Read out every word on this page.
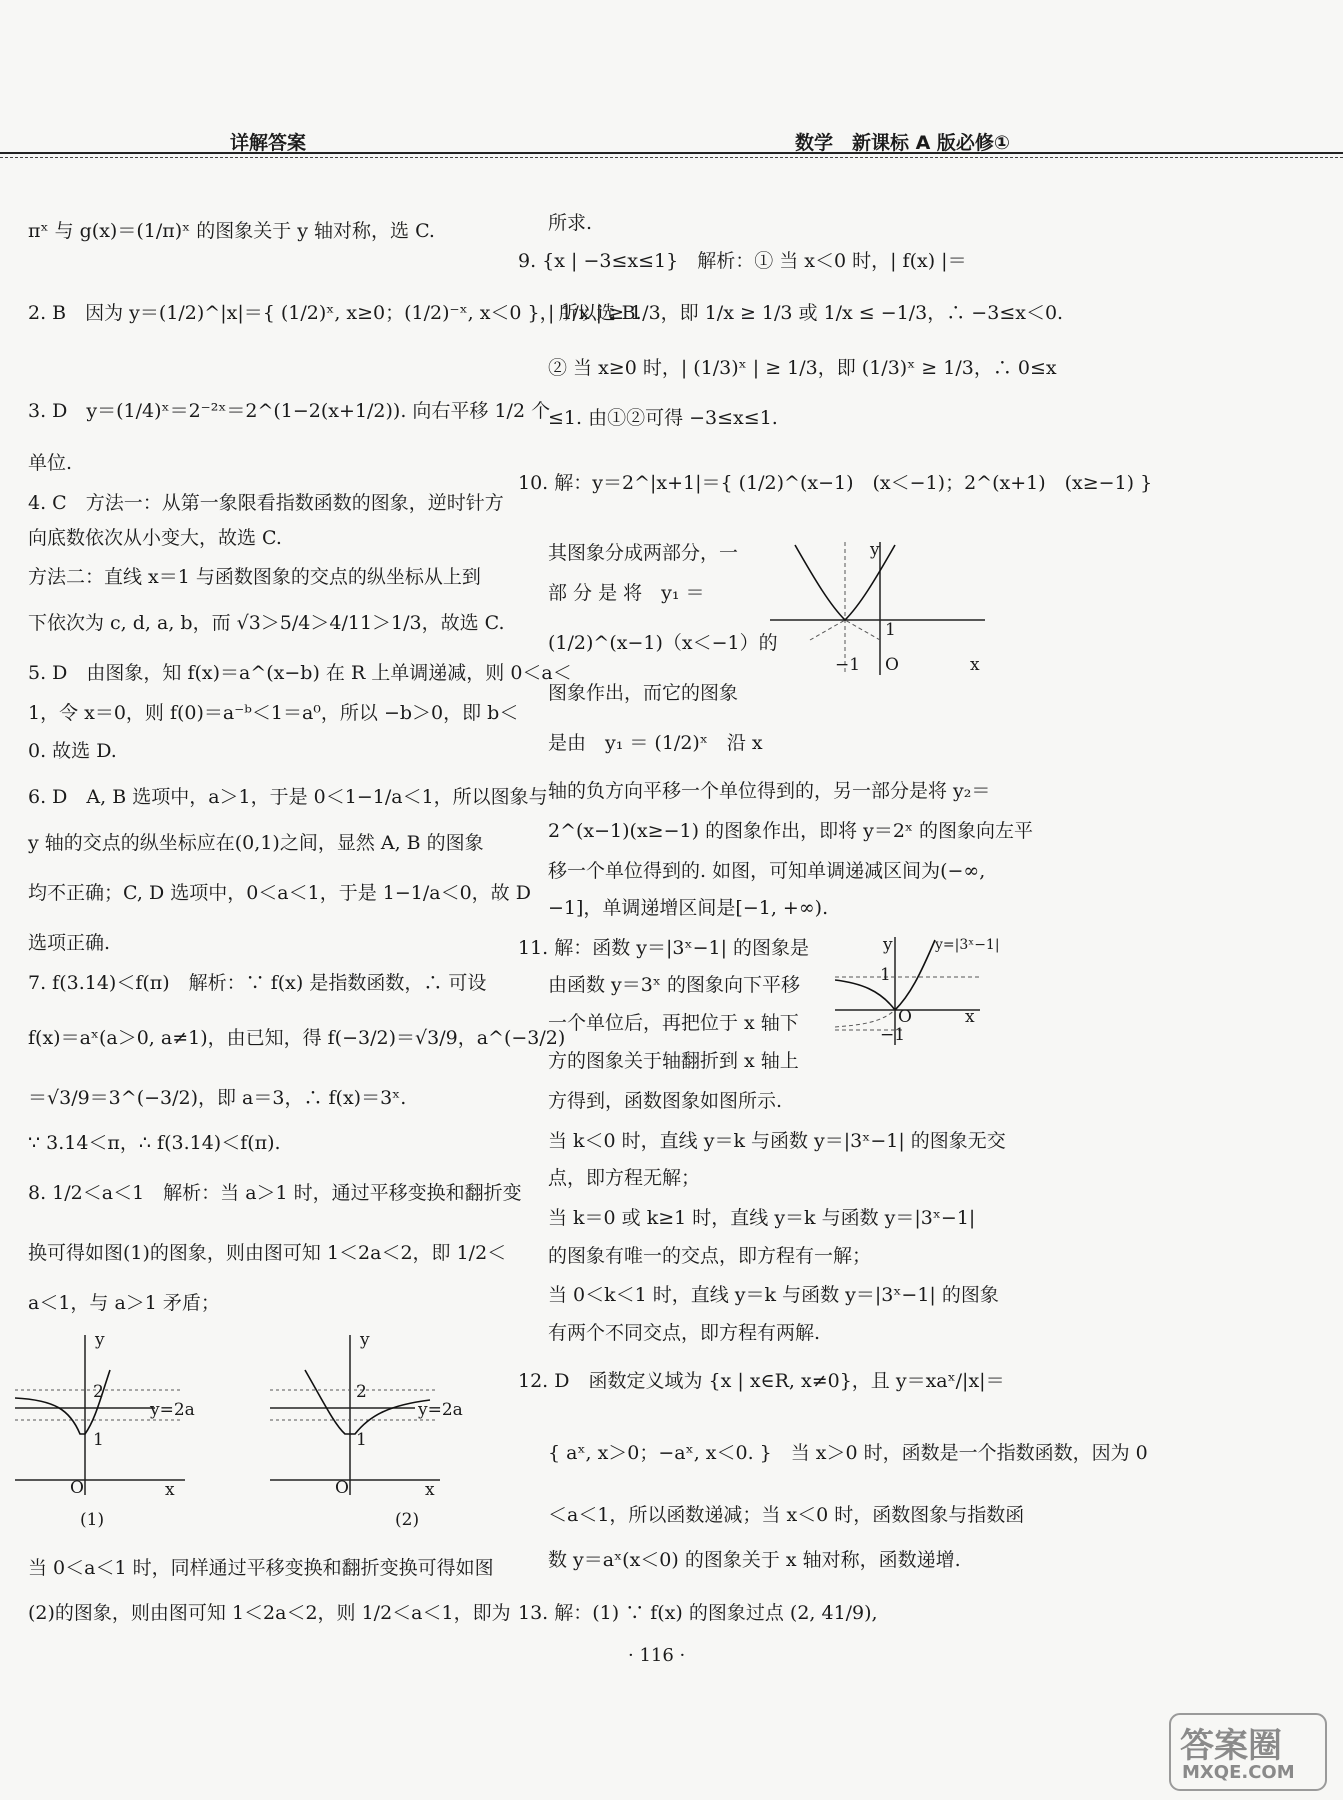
详解答案	数学　新课标 A 版必修①
πˣ 与 g(x)＝(1/π)ˣ 的图象关于 y 轴对称，选 C.
2. B　因为 y＝(1/2)^|x|＝{ (1/2)ˣ, x≥0；(1/2)⁻ˣ, x＜0 }，所以选 B.
3. D　y＝(1/4)ˣ＝2⁻²ˣ＝2^(1−2(x+1/2)). 向右平移 1/2 个
单位.
4. C　方法一：从第一象限看指数函数的图象，逆时针方
向底数依次从小变大，故选 C.
方法二：直线 x＝1 与函数图象的交点的纵坐标从上到
下依次为 c, d, a, b，而 √3＞5/4＞4/11＞1/3，故选 C.
5. D　由图象，知 f(x)＝a^(x−b) 在 R 上单调递减，则 0＜a＜
1，令 x＝0，则 f(0)＝a⁻ᵇ＜1＝a⁰，所以 −b＞0，即 b＜
0. 故选 D.
6. D　A, B 选项中，a＞1，于是 0＜1−1/a＜1，所以图象与
y 轴的交点的纵坐标应在(0,1)之间，显然 A, B 的图象
均不正确；C, D 选项中，0＜a＜1，于是 1−1/a＜0，故 D
选项正确.
7. f(3.14)＜f(π)　解析：∵ f(x) 是指数函数，∴ 可设
f(x)＝aˣ(a＞0, a≠1)，由已知，得 f(−3/2)＝√3/9，a^(−3/2)
＝√3/9＝3^(−3/2)，即 a＝3，∴ f(x)＝3ˣ.
∵ 3.14＜π，∴ f(3.14)＜f(π).
8. 1/2＜a＜1　解析：当 a＞1 时，通过平移变换和翻折变
换可得如图(1)的图象，则由图可知 1＜2a＜2，即 1/2＜
a＜1，与 a＞1 矛盾；
当 0＜a＜1 时，同样通过平移变换和翻折变换可得如图
(2)的图象，则由图可知 1＜2a＜2，则 1/2＜a＜1，即为
y=2a
2
1
O	x
y
(1)
y=2a
2
1
O	x
y
(2)
所求.
9. {x | −3≤x≤1}　解析：① 当 x＜0 时，| f(x) |＝
| 1/x | ≥ 1/3，即 1/x ≥ 1/3 或 1/x ≤ −1/3，∴ −3≤x＜0.
② 当 x≥0 时，| (1/3)ˣ | ≥ 1/3，即 (1/3)ˣ ≥ 1/3，∴ 0≤x
≤1. 由①②可得 −3≤x≤1.
10. 解：y＝2^|x+1|＝{ (1/2)^(x−1)　(x＜−1)；2^(x+1)　(x≥−1) }
其图象分成两部分，一
部 分 是 将　y₁ ＝
(1/2)^(x−1)（x＜−1）的
图象作出，而它的图象
是由　y₁ ＝ (1/2)ˣ　沿 x
轴的负方向平移一个单位得到的，另一部分是将 y₂＝
2^(x−1)(x≥−1) 的图象作出，即将 y＝2ˣ 的图象向左平
移一个单位得到的. 如图，可知单调递减区间为(−∞,
−1]，单调递增区间是[−1, +∞).
11. 解：函数 y＝|3ˣ−1| 的图象是
由函数 y＝3ˣ 的图象向下平移
一个单位后，再把位于 x 轴下
方的图象关于轴翻折到 x 轴上
方得到，函数图象如图所示.
当 k＜0 时，直线 y＝k 与函数 y＝|3ˣ−1| 的图象无交
点，即方程无解；
当 k＝0 或 k≥1 时，直线 y＝k 与函数 y＝|3ˣ−1|
的图象有唯一的交点，即方程有一解；
当 0＜k＜1 时，直线 y＝k 与函数 y＝|3ˣ−1| 的图象
有两个不同交点，即方程有两解.
12. D　函数定义域为 {x | x∈R, x≠0}，且 y＝xaˣ/|x|＝
{ aˣ, x＞0；−aˣ, x＜0. }　当 x＞0 时，函数是一个指数函数，因为 0
＜a＜1，所以函数递减；当 x＜0 时，函数图象与指数函
数 y＝aˣ(x＜0) 的图象关于 x 轴对称，函数递增.
13. 解：(1) ∵ f(x) 的图象过点 (2, 41/9),
1
−1 O	x
y
y=|3ˣ−1|
1
−1
O	x
y
· 116 ·
答案圈
MXQE.COM
